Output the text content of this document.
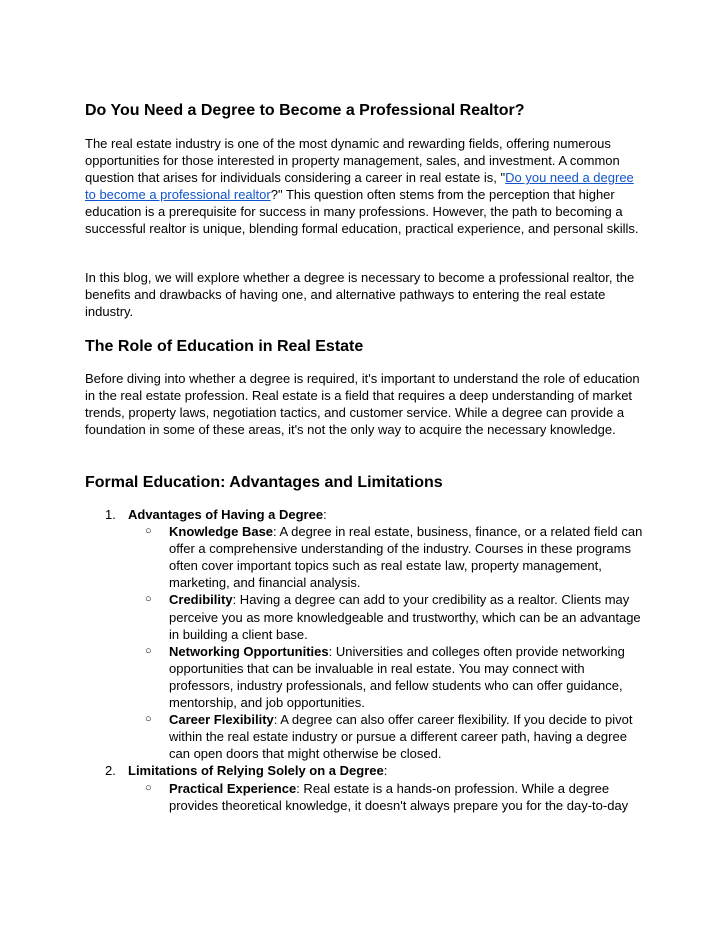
Do You Need a Degree to Become a Professional Realtor?

The real estate industry is one of the most dynamic and rewarding fields, offering numerous opportunities for those interested in property management, sales, and investment. A common question that arises for individuals considering a career in real estate is, "Do you need a degree to become a professional realtor?" This question often stems from the perception that higher education is a prerequisite for success in many professions. However, the path to becoming a successful realtor is unique, blending formal education, practical experience, and personal skills.

In this blog, we will explore whether a degree is necessary to become a professional realtor, the benefits and drawbacks of having one, and alternative pathways to entering the real estate industry.

The Role of Education in Real Estate

Before diving into whether a degree is required, it's important to understand the role of education in the real estate profession. Real estate is a field that requires a deep understanding of market trends, property laws, negotiation tactics, and customer service. While a degree can provide a foundation in some of these areas, it's not the only way to acquire the necessary knowledge.

Formal Education: Advantages and Limitations
1. Advantages of Having a Degree:
○ Knowledge Base: A degree in real estate, business, finance, or a related field can offer a comprehensive understanding of the industry. Courses in these programs often cover important topics such as real estate law, property management, marketing, and financial analysis.
○ Credibility: Having a degree can add to your credibility as a realtor. Clients may perceive you as more knowledgeable and trustworthy, which can be an advantage in building a client base.
○ Networking Opportunities: Universities and colleges often provide networking opportunities that can be invaluable in real estate. You may connect with professors, industry professionals, and fellow students who can offer guidance, mentorship, and job opportunities.
○ Career Flexibility: A degree can also offer career flexibility. If you decide to pivot within the real estate industry or pursue a different career path, having a degree can open doors that might otherwise be closed.
2. Limitations of Relying Solely on a Degree:
○ Practical Experience: Real estate is a hands-on profession. While a degree provides theoretical knowledge, it doesn't always prepare you for the day-to-day
